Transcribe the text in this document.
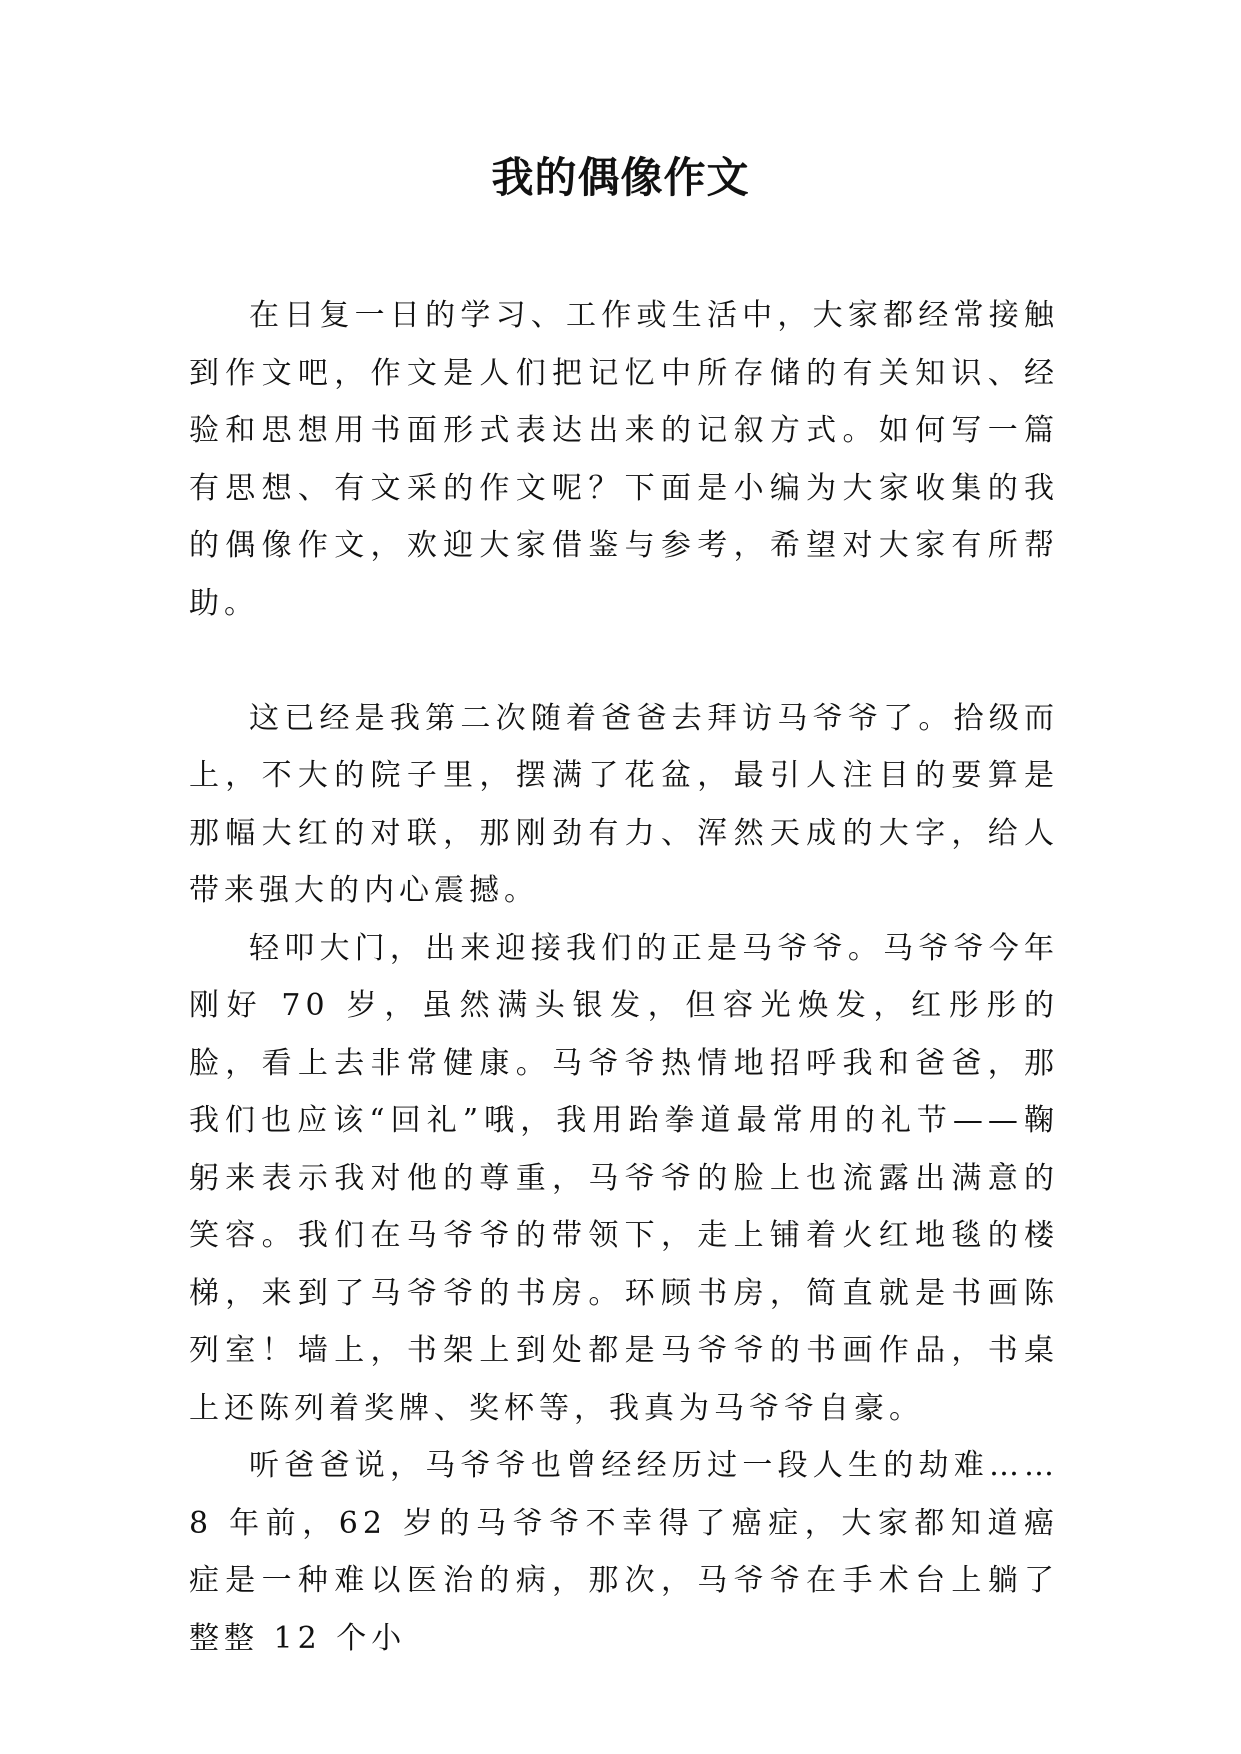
我的偶像作文

在日复一日的学习、工作或生活中，大家都经常接触到作文吧，作文是人们把记忆中所存储的有关知识、经验和思想用书面形式表达出来的记叙方式。如何写一篇有思想、有文采的作文呢？下面是小编为大家收集的我的偶像作文，欢迎大家借鉴与参考，希望对大家有所帮助。

这已经是我第二次随着爸爸去拜访马爷爷了。拾级而上，不大的院子里，摆满了花盆，最引人注目的要算是那幅大红的对联，那刚劲有力、浑然天成的大字，给人带来强大的内心震撼。

轻叩大门，出来迎接我们的正是马爷爷。马爷爷今年刚好 70 岁，虽然满头银发，但容光焕发，红彤彤的脸，看上去非常健康。马爷爷热情地招呼我和爸爸，那我们也应该“回礼”哦，我用跆拳道最常用的礼节——鞠躬来表示我对他的尊重，马爷爷的脸上也流露出满意的笑容。我们在马爷爷的带领下，走上铺着火红地毯的楼梯，来到了马爷爷的书房。环顾书房，简直就是书画陈列室！墙上，书架上到处都是马爷爷的书画作品，书桌上还陈列着奖牌、奖杯等，我真为马爷爷自豪。

听爸爸说，马爷爷也曾经经历过一段人生的劫难……8 年前，62 岁的马爷爷不幸得了癌症，大家都知道癌症是一种难以医治的病，那次，马爷爷在手术台上躺了整整 12 个小
